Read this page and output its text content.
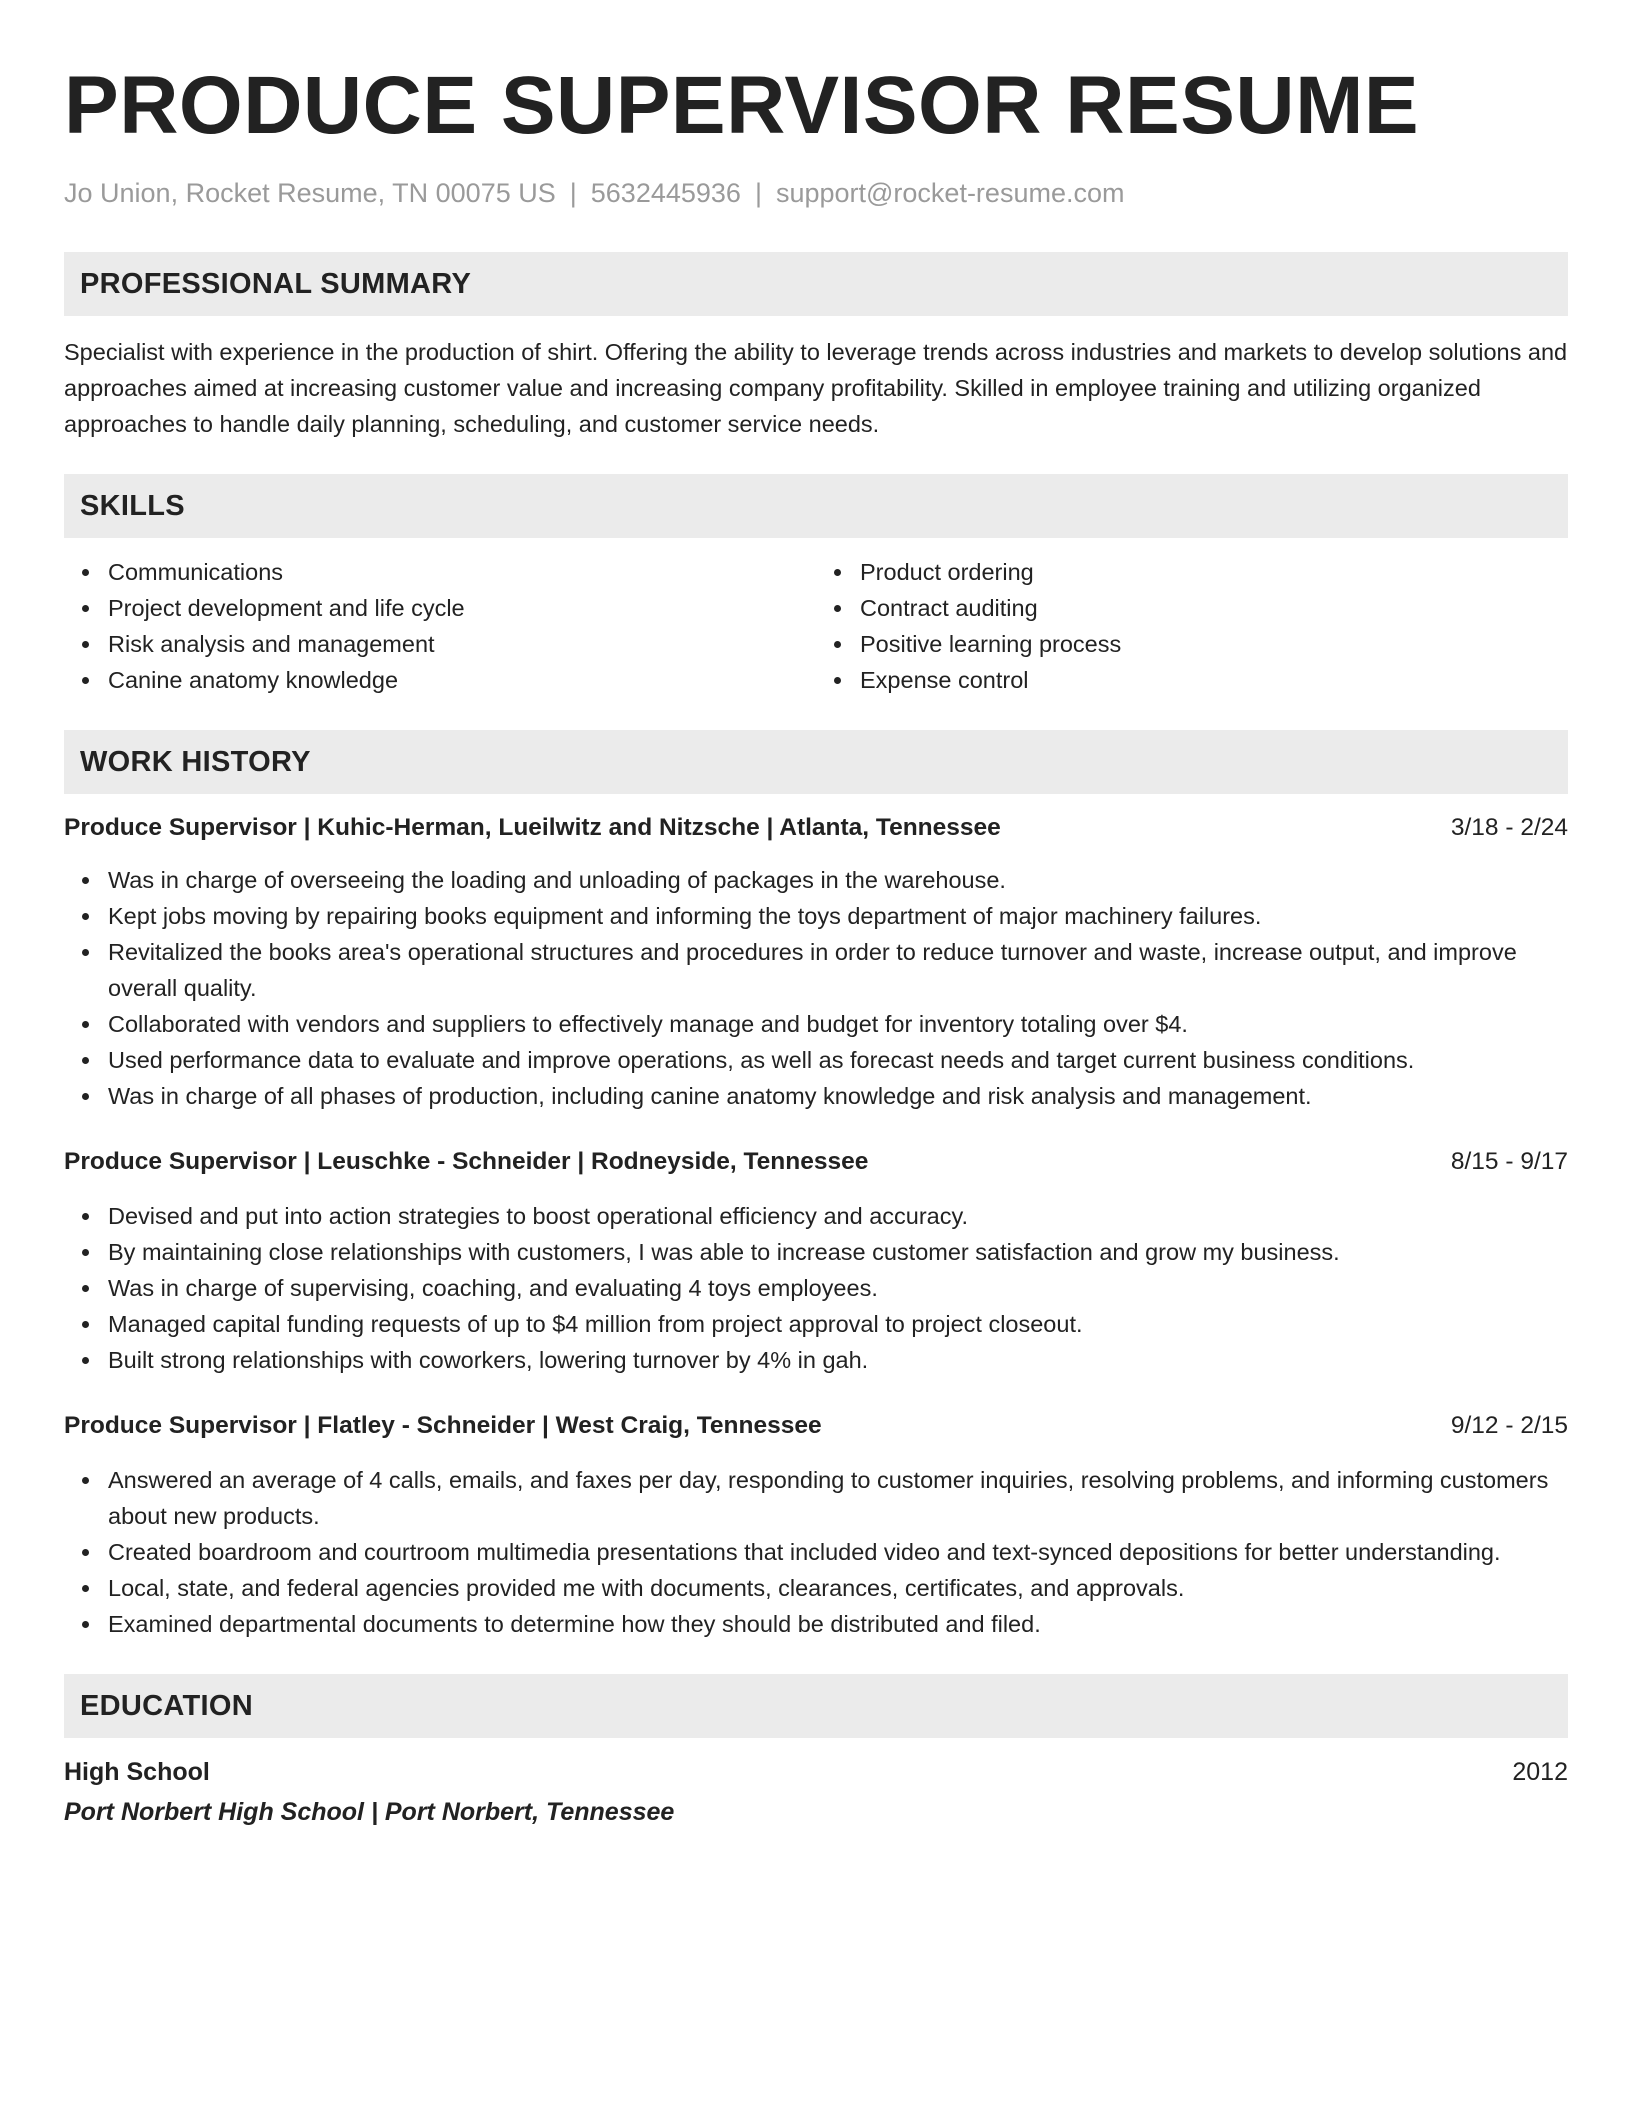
PRODUCE SUPERVISOR RESUME
Jo Union, Rocket Resume, TN 00075 US | 5632445936 | support@rocket-resume.com
PROFESSIONAL SUMMARY

Specialist with experience in the production of shirt. Offering the ability to leverage trends across industries and markets to develop solutions and approaches aimed at increasing customer value and increasing company profitability. Skilled in employee training and utilizing organized approaches to handle daily planning, scheduling, and customer service needs.

SKILLS
Communications
Project development and life cycle
Risk analysis and management
Canine anatomy knowledge
Product ordering
Contract auditing
Positive learning process
Expense control
WORK HISTORY
Produce Supervisor | Kuhic-Herman, Lueilwitz and Nitzsche | Atlanta, Tennessee	3/18 - 2/24
Was in charge of overseeing the loading and unloading of packages in the warehouse.
Kept jobs moving by repairing books equipment and informing the toys department of major machinery failures.
Revitalized the books area's operational structures and procedures in order to reduce turnover and waste, increase output, and improve overall quality.
Collaborated with vendors and suppliers to effectively manage and budget for inventory totaling over $4.
Used performance data to evaluate and improve operations, as well as forecast needs and target current business conditions.
Was in charge of all phases of production, including canine anatomy knowledge and risk analysis and management.
Produce Supervisor | Leuschke - Schneider | Rodneyside, Tennessee	8/15 - 9/17
Devised and put into action strategies to boost operational efficiency and accuracy.
By maintaining close relationships with customers, I was able to increase customer satisfaction and grow my business.
Was in charge of supervising, coaching, and evaluating 4 toys employees.
Managed capital funding requests of up to $4 million from project approval to project closeout.
Built strong relationships with coworkers, lowering turnover by 4% in gah.
Produce Supervisor | Flatley - Schneider | West Craig, Tennessee	9/12 - 2/15
Answered an average of 4 calls, emails, and faxes per day, responding to customer inquiries, resolving problems, and informing customers about new products.
Created boardroom and courtroom multimedia presentations that included video and text-synced depositions for better understanding.
Local, state, and federal agencies provided me with documents, clearances, certificates, and approvals.
Examined departmental documents to determine how they should be distributed and filed.
EDUCATION
High School	2012
Port Norbert High School | Port Norbert, Tennessee
